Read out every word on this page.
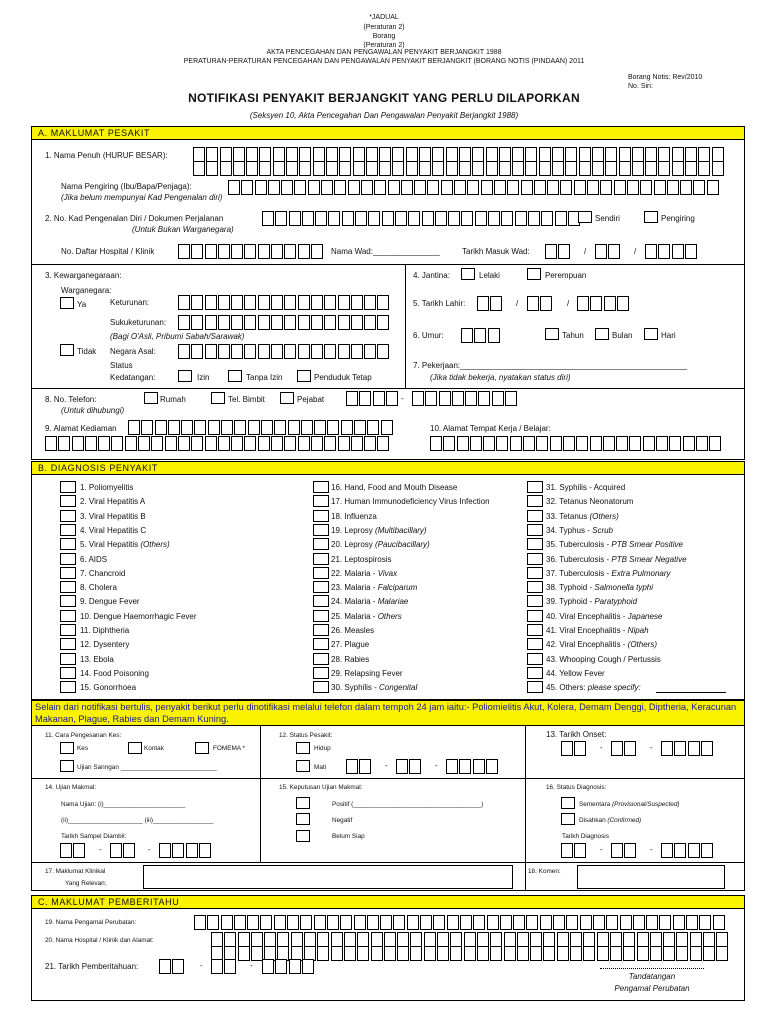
*JADUAL
(Peraturan 2)
Borang
(Peraturan 2)
AKTA PENCEGAHAN DAN PENGAWALAN PENYAKIT BERJANGKIT 1988
PERATURAN-PERATURAN PENCEGAHAN DAN PENGAWALAN PENYAKIT BERJANGKIT (BORANG NOTIS (PINDAAN) 2011
Borang Notis: Rev/2010
No. Siri:
NOTIFIKASI PENYAKIT BERJANGKIT YANG PERLU DILAPORKAN
(Seksyen 10, Akta Pencegahan Dan Pengawalan Penyakit Berjangkit 1988)
A. MAKLUMAT PESAKIT
1. Nama Penuh (HURUF BESAR):
Nama Pengiring (Ibu/Bapa/Penjaga):
(Jika belum mempunyai Kad Pengenalan diri)
2. No. Kad Pengenalan Diri / Dokumen Perjalanan
(Untuk Bukan Warganegara)
Sendiri	Pengiring
No. Daftar Hospital / Klinik	Nama Wad:_______________	Tarikh Masuk Wad:	/	/
3. Kewarganegaraan:
Warganegara:
Ya	Keturunan:
Sukuketurunan:
(Bagi O'Asli, Pribumi Sabah/Sarawak)
Tidak Negara Asal:
Status
Kedatangan:	Izin	Tanpa Izin	Penduduk Tetap
4. Jantina:	Lelaki	Perempuan
5. Tarikh Lahir:	/	/
6. Umur:	Tahun	Bulan	Hari
7. Pekerjaan:___________________________________________________
(Jika tidak bekerja, nyatakan status diri)
8. No. Telefon:
(Untuk dihubungi)
Rumah	Tel. Bimbit	Pejabat	-
9. Alamat Kediaman	10. Alamat Tempat Kerja / Belajar:
B. DIAGNOSIS PENYAKIT
1. Poliomyelitis
2. Viral Hepatitis A
3. Viral Hepatitis B
4. Viral Hepatitis C
5. Viral Hepatitis (Others)
6. AIDS
7. Chancroid
8. Cholera
9. Dengue Fever
10. Dengue Haemorrhagic Fever
11. Diphtheria
12. Dysentery
13. Ebola
14. Food Poisoning
15. Gonorrhoea
16. Hand, Food and Mouth Disease
17. Human Immunodeficiency Virus Infection
18. Influenza
19. Leprosy (Multibacillary)
20. Leprosy (Paucibacillary)
21. Leptospirosis
22. Malaria - Vivax
23. Malaria - Falciparum
24. Malaria - Malariae
25. Malaria - Others
26. Measles
27. Plague
28. Rabies
29. Relapsing Fever
30. Syphilis - Congenital
31. Syphilis - Acquired
32. Tetanus Neonatorum
33. Tetanus (Others)
34. Typhus - Scrub
35. Tuberculosis - PTB Smear Positive
36. Tuberculosis - PTB Smear Negative
37. Tuberculosis - Extra Pulmonary
38. Typhoid - Salmonella typhi
39. Typhoid - Paratyphoid
40. Viral Encephalitis - Japanese
41. Viral Encephalitis - Nipah
42. Viral Encephalitis - (Others)
43. Whooping Cough / Pertussis
44. Yellow Fever
45. Others: please specify:
Selain dari notifikasi bertulis, penyakit berikut perlu dinotifikasi melalui telefon dalam tempoh 24 jam iaitu:- Poliomielitis Akut, Kolera, Demam Denggi, Diptheria, Keracunan Makanan, Plague, Rabies dan Demam Kuning.
11. Cara Pengesanan Kes:
Kes	Kontak	FOMEMA *
Ujian Saringan ___________________________
12. Status Pesakit:
Hidup
Mati	-	-
13. Tarikh Onset:
-	-
14. Ujian Makmal:
Nama Ujian: (i)_______________________
(ii)_____________________ (iii)_________________
Tarikh Sampel Diambil:
-	-
15. Keputusan Ujian Makmal:
Positif (____________________________________)
Negatif
Belum Siap
16. Status Diagnosis:
Sementara (Provisional/Suspected)
Disahkan (Confirmed)
Tarikh Diagnosis
-	-
17. Maklumat Klinikal
Yang Relevan:
18. Komen:
C. MAKLUMAT PEMBERITAHU
19. Nama Pengamal Perubatan:
20. Nama Hospital / Klinik dan Alamat:
21. Tarikh Pemberitahuan:	-	-
Tandatangan
Pengamal Perubatan
